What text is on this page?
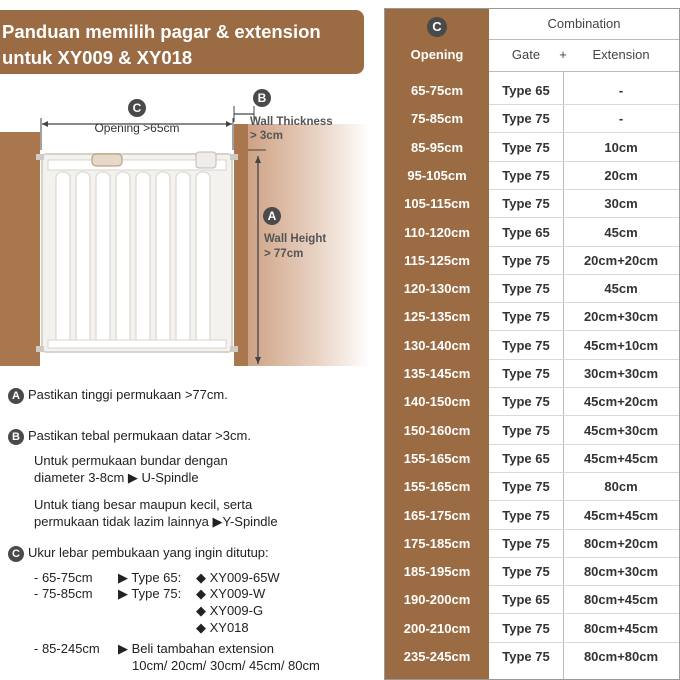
Panduan memilih pagar & extension
untuk XY009 & XY018
C
Opening >65cm
B
Wall Thickness
> 3cm
A
Wall Height
> 77cm
A Pastikan tinggi permukaan >77cm.
B Pastikan tebal permukaan datar >3cm.
Untuk permukaan bundar dengan
diameter 3-8cm ▶ U-Spindle
Untuk tiang besar maupun kecil, serta
permukaan tidak lazim lainnya ▶Y-Spindle
C Ukur lebar pembukaan yang ingin ditutup:
- 65-75cm ▶ Type 65: ◆ XY009-65W
- 75-85cm ▶ Type 75: ◆ XY009-W
◆ XY009-G
◆ XY018
- 85-245cm ▶ Beli tambahan extension
10cm/ 20cm/ 30cm/ 45cm/ 80cm
C
Opening
Combination
Gate	+	Extension
65-75cm	Type 65	-
75-85cm	Type 75	-
85-95cm	Type 75	10cm
95-105cm	Type 75	20cm
105-115cm	Type 75	30cm
110-120cm	Type 65	45cm
115-125cm	Type 75	20cm+20cm
120-130cm	Type 75	45cm
125-135cm	Type 75	20cm+30cm
130-140cm	Type 75	45cm+10cm
135-145cm	Type 75	30cm+30cm
140-150cm	Type 75	45cm+20cm
150-160cm	Type 75	45cm+30cm
155-165cm	Type 65	45cm+45cm
155-165cm	Type 75	80cm
165-175cm	Type 75	45cm+45cm
175-185cm	Type 75	80cm+20cm
185-195cm	Type 75	80cm+30cm
190-200cm	Type 65	80cm+45cm
200-210cm	Type 75	80cm+45cm
235-245cm	Type 75	80cm+80cm
